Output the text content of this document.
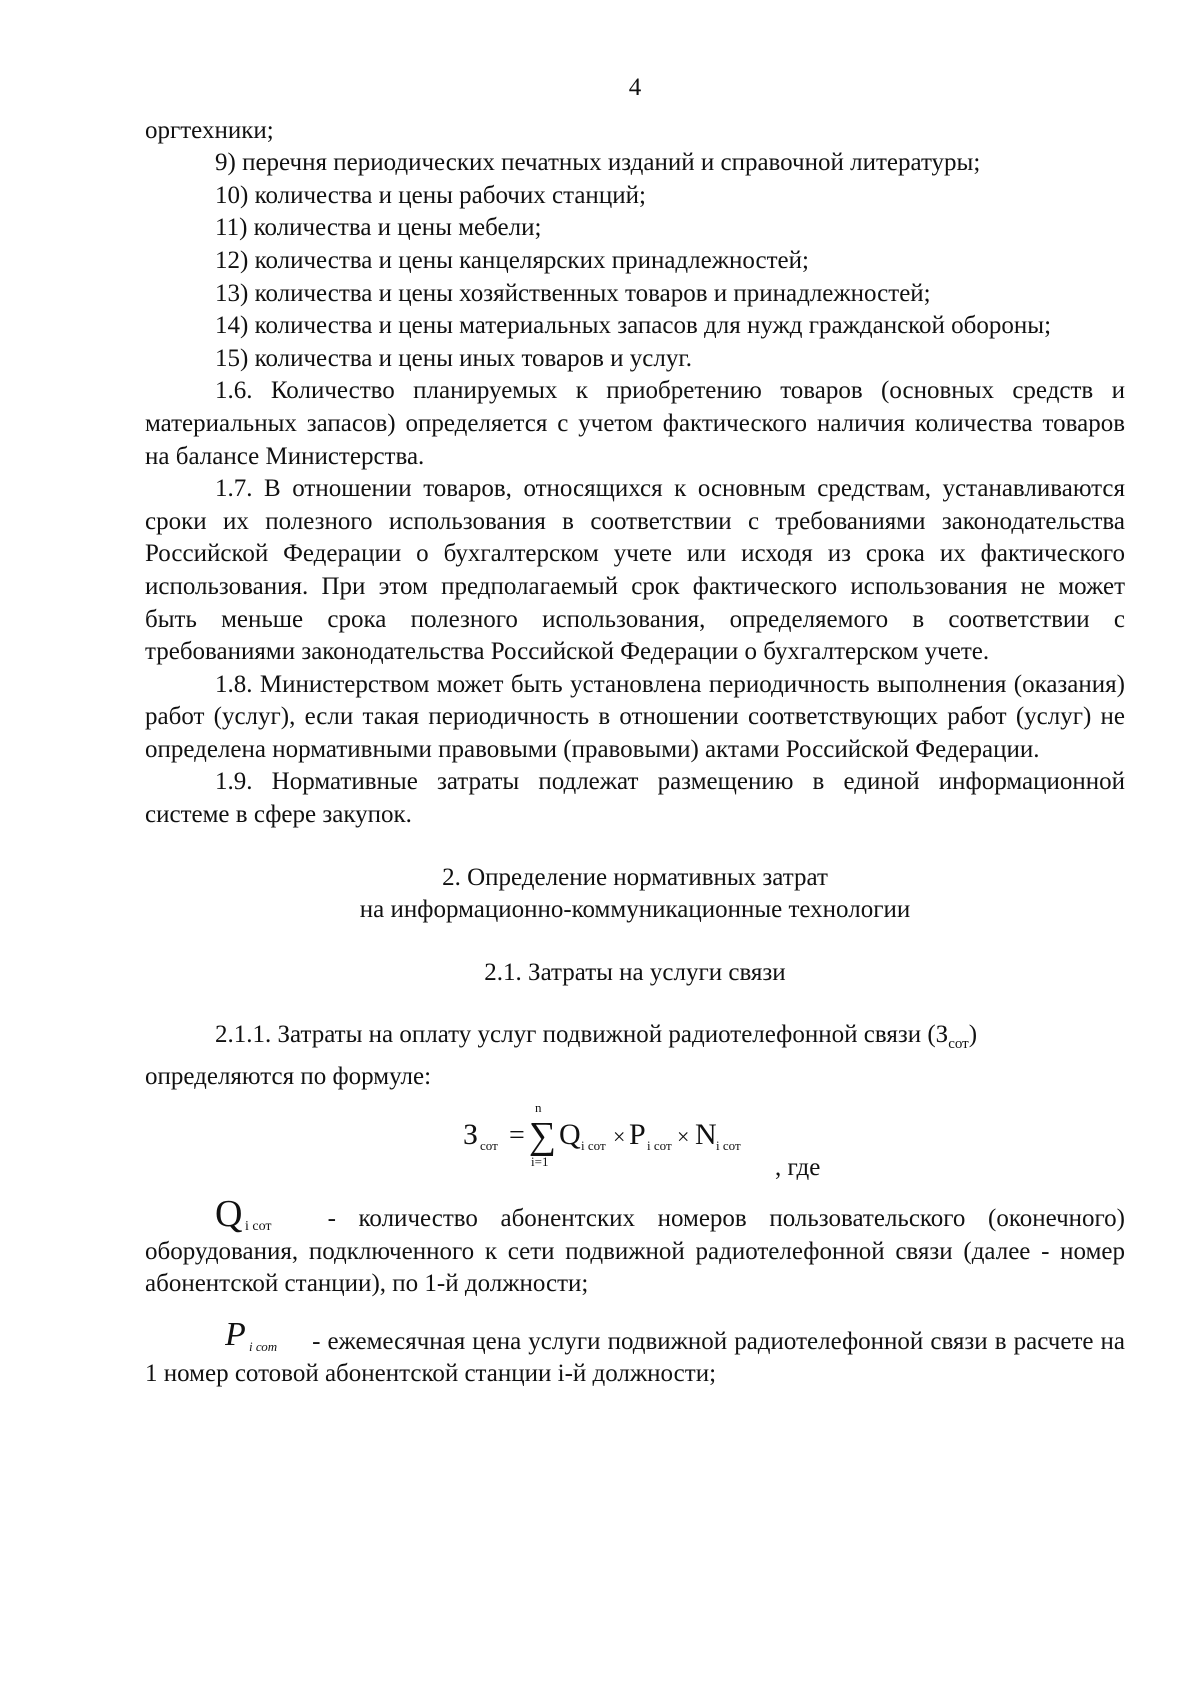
4

оргтехники;

9) перечня периодических печатных изданий и справочной литературы;

10) количества и цены рабочих станций;

11) количества и цены мебели;

12) количества и цены канцелярских принадлежностей;

13) количества и цены хозяйственных товаров и принадлежностей;

14) количества и цены материальных запасов для нужд гражданской обороны;

15) количества и цены иных товаров и услуг.

1.6. Количество планируемых к приобретению товаров (основных средств и материальных запасов) определяется с учетом фактического наличия количества товаров на балансе Министерства.

1.7. В отношении товаров, относящихся к основным средствам, устанавливаются сроки их полезного использования в соответствии с требованиями законодательства Российской Федерации о бухгалтерском учете или исходя из срока их фактического использования. При этом предполагаемый срок фактического использования не может быть меньше срока полезного использования, определяемого в соответствии с требованиями законодательства Российской Федерации о бухгалтерском учете.

1.8. Министерством может быть установлена периодичность выполнения (оказания) работ (услуг), если такая периодичность в отношении соответствующих работ (услуг) не определена нормативными правовыми (правовыми) актами Российской Федерации.

1.9. Нормативные затраты подлежат размещению в единой информационной системе в сфере закупок.

2. Определение нормативных затрат

на информационно-коммуникационные технологии

2.1. Затраты на услуги связи

2.1.1. Затраты на оплату услуг подвижной радиотелефонной связи $(З_{сот})$
определяются по формуле:

З сот =
n
∑
i=1
Q i сот × P i сот × N i сот
, где

Q i сот - количество абонентских номеров пользовательского (оконечного) оборудования, подключенного к сети подвижной радиотелефонной связи (далее - номер абонентской станции), по 1-й должности;

P i сот - ежемесячная цена услуги подвижной радиотелефонной связи в расчете на 1 номер сотовой абонентской станции i-й должности;
